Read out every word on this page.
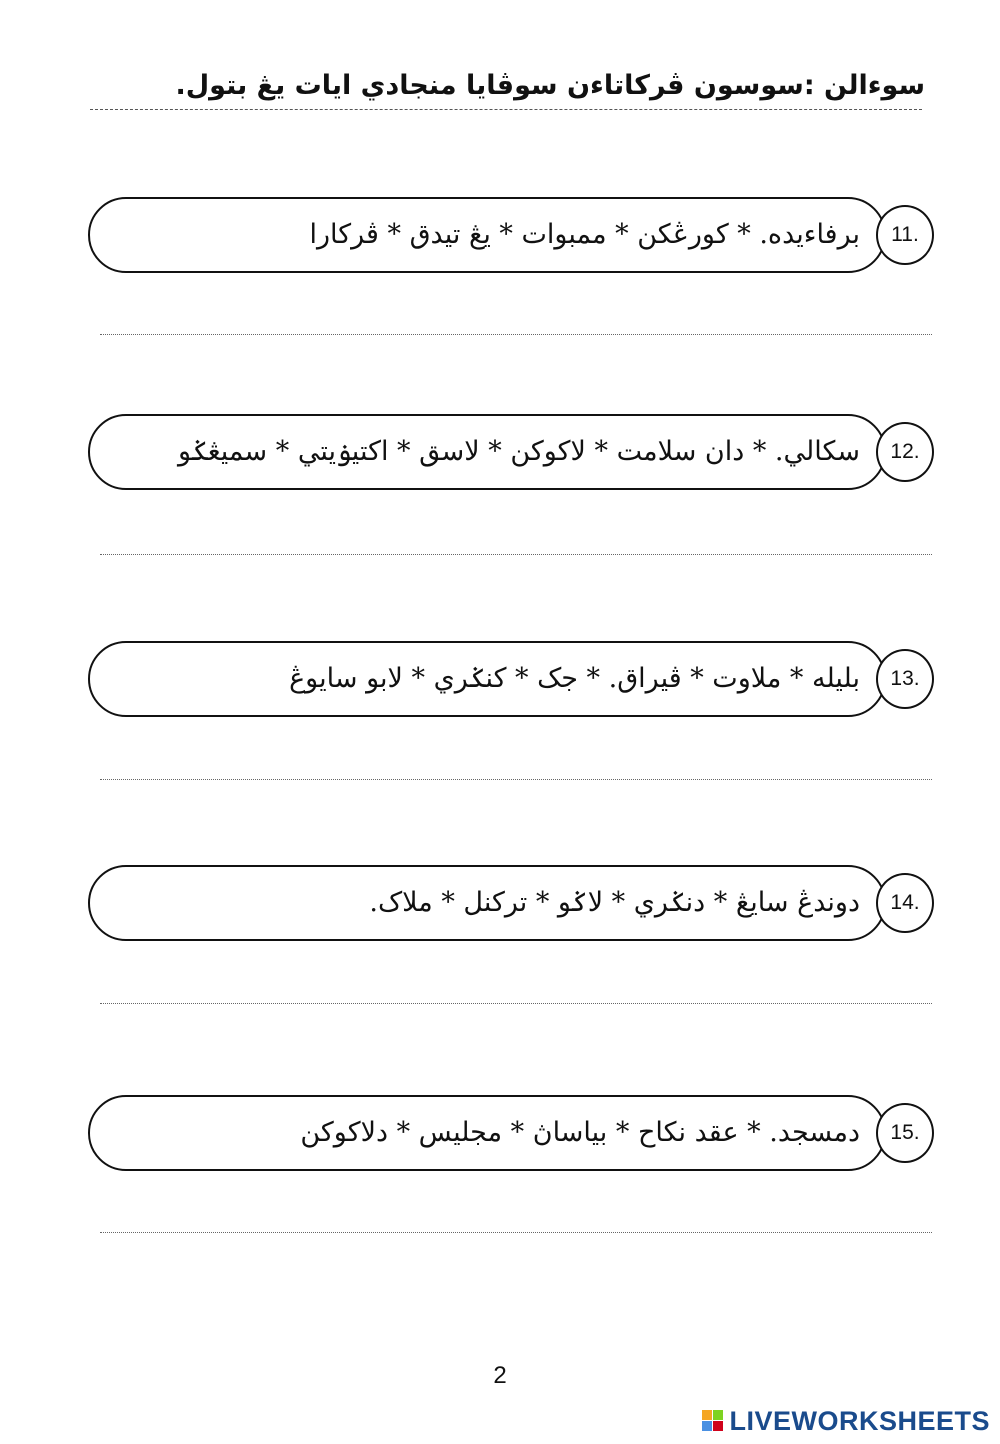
سوءالن :سوسون ڤركاتاءن سوڤايا منجادي ايات يڠ بتول.
برفاءيده. * كورڠكن * ممبوات * يڠ تيدق * ڤركارا	.11
سكالي. * دان سلامت * لاكوكن * لاسق * اكتيۏيتي * سميڠݢو	.12
بليله * ملاوت * ڤيراق. * جک * كنݢري * لابو سايوڠ	.13
دوندڠ سايڠ * دنݢري * لاݢو * تركنل * ملاک.	.14
دمسجد. * عقد نكاح * بياساڽ * مجليس * دلاكوكن	.15
2
LIVEWORKSHEETS
